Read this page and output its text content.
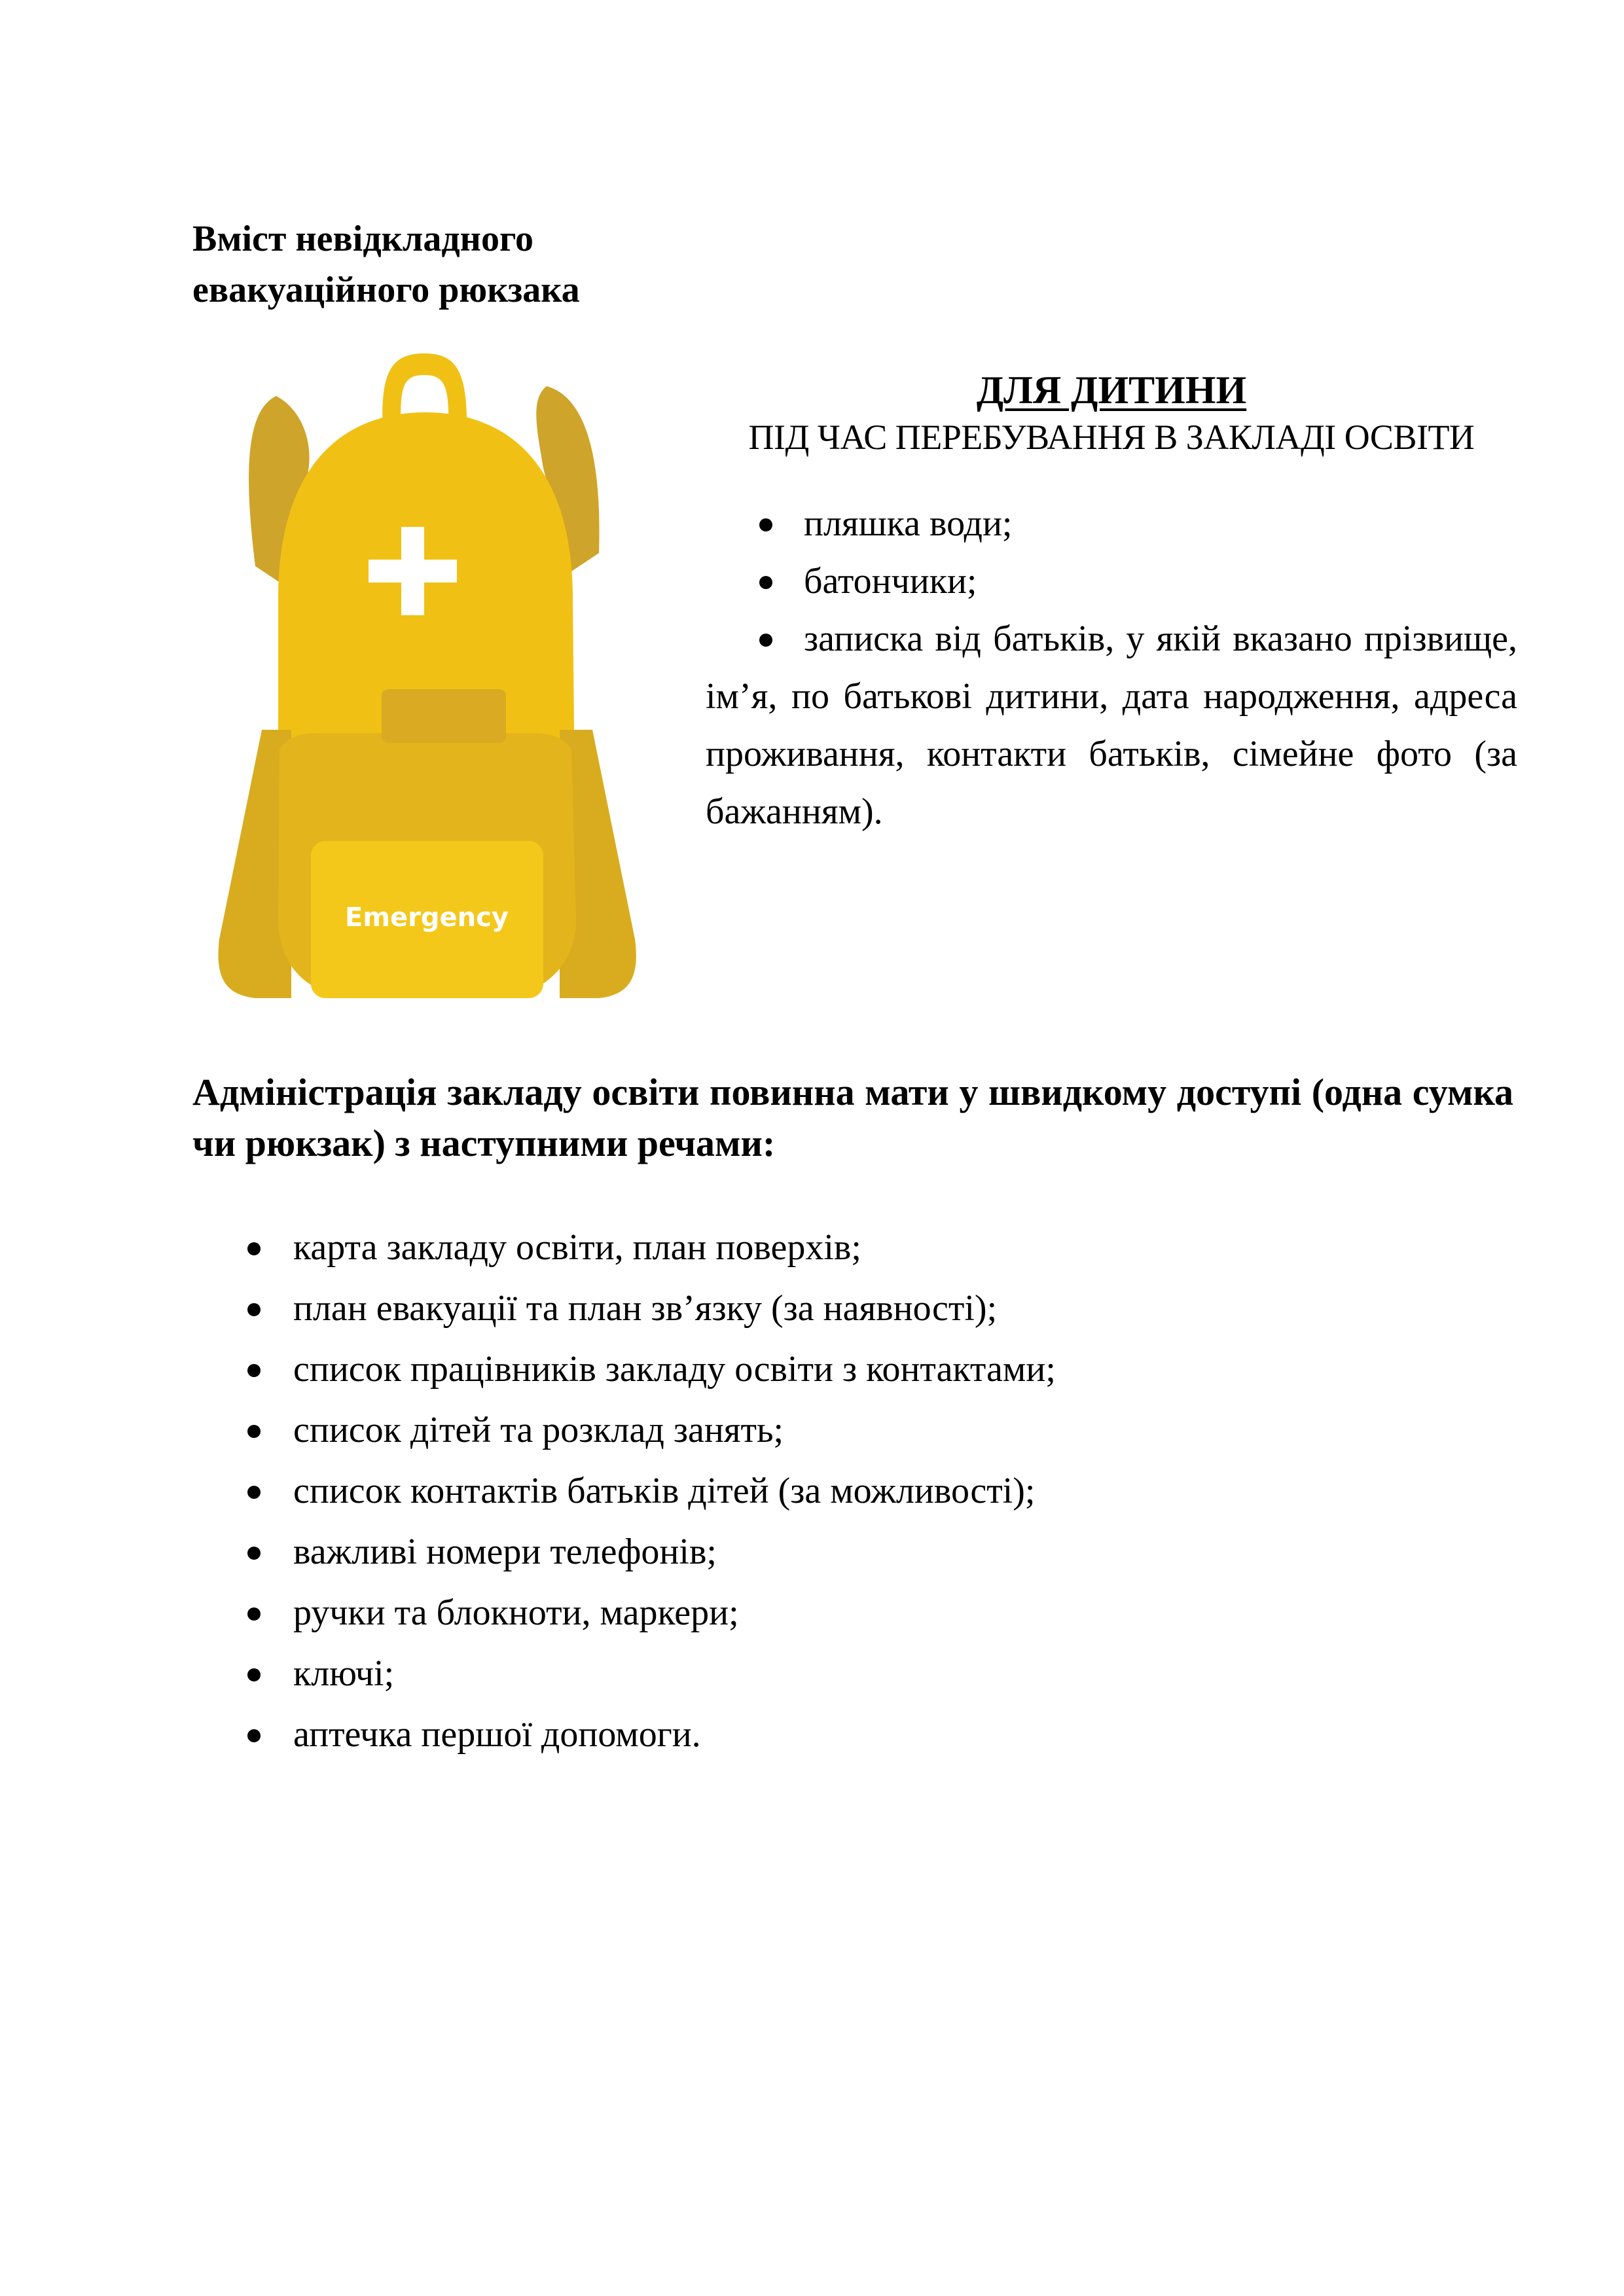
Вміст невідкладного
евакуаційного рюкзака
Emergency
ДЛЯ ДИТИНИ
ПІД ЧАС ПЕРЕБУВАННЯ В ЗАКЛАДІ ОСВІТИ
пляшка води;
батончики;
записка від батьків, у якій вказано прізвище, ім’я, по батькові дитини, дата народження, адреса проживання, контакти батьків, сімейне фото (за бажанням).
Адміністрація закладу освіти повинна мати у швидкому доступі (одна сумка чи рюкзак) з наступними речами:
карта закладу освіти, план поверхів;
план евакуації та план зв’язку (за наявності);
список працівників закладу освіти з контактами;
список дітей та розклад занять;
список контактів батьків дітей (за можливості);
важливі номери телефонів;
ручки та блокноти, маркери;
ключі;
аптечка першої допомоги.
